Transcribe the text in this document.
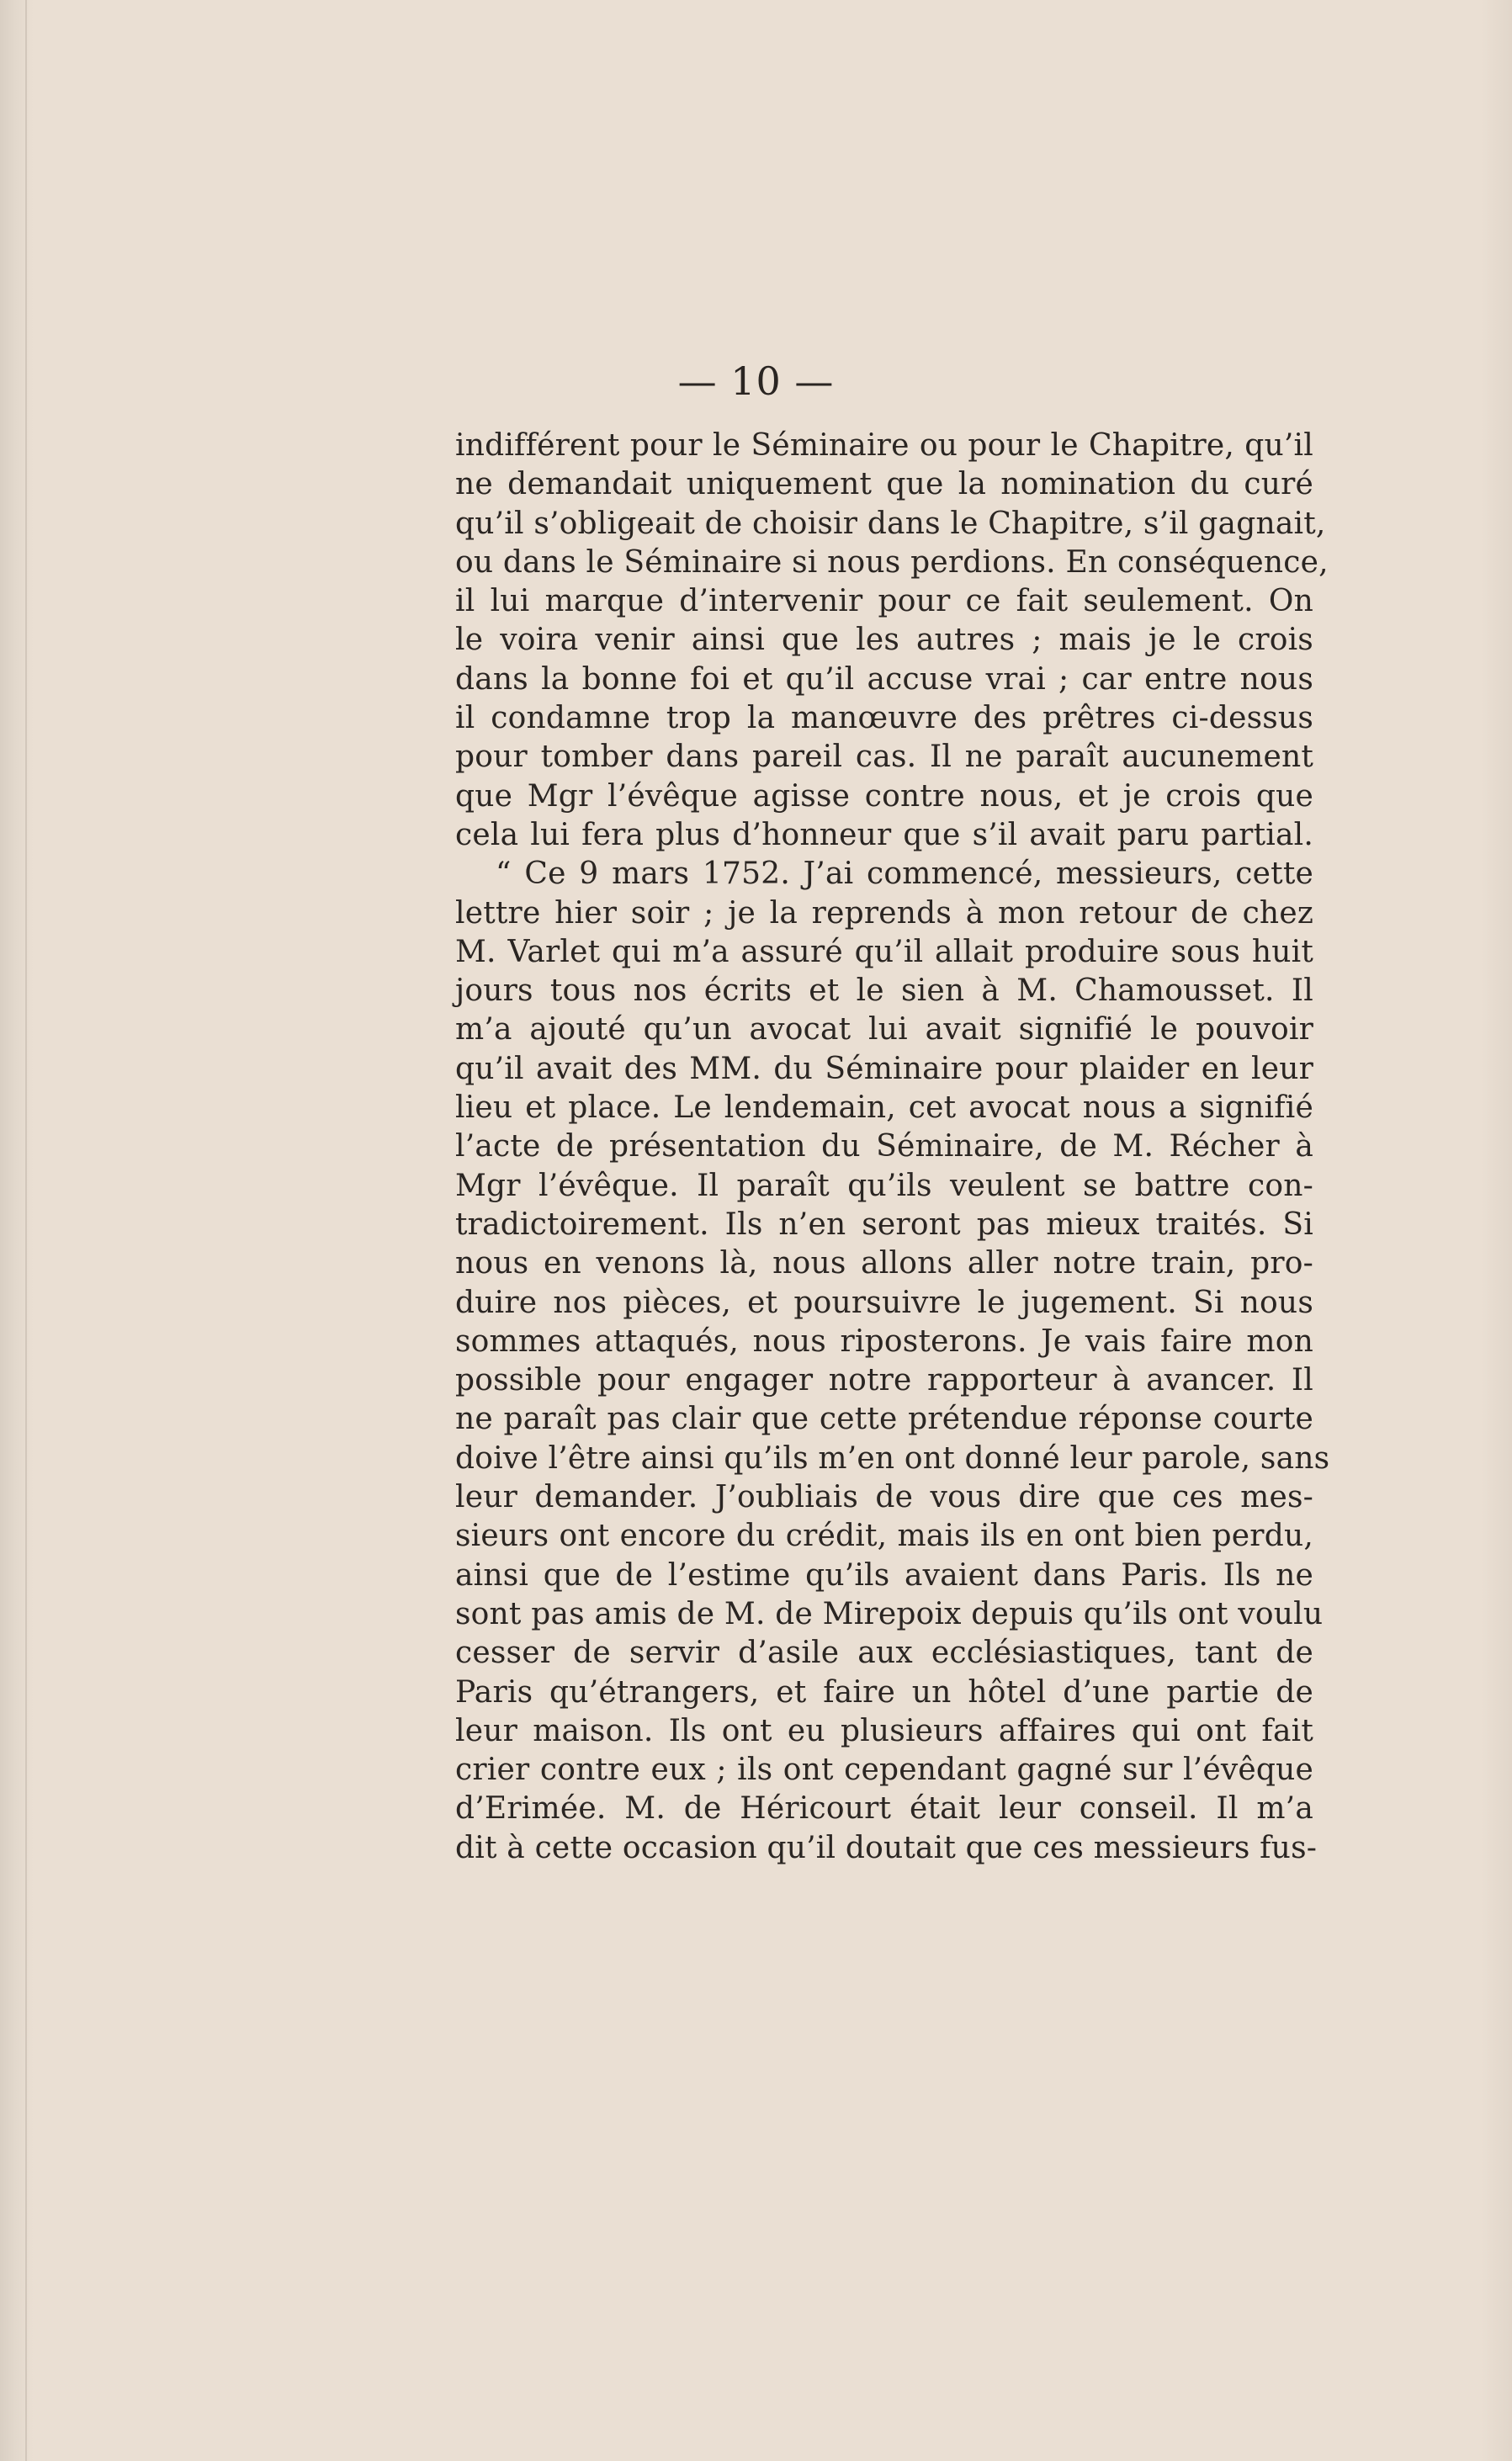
— 10 —
indifférent pour le Séminaire ou pour le Chapitre, qu’il
ne demandait uniquement que la nomination du curé
qu’il s’obligeait de choisir dans le Chapitre, s’il gagnait,
ou dans le Séminaire si nous perdions. En conséquence,
il lui marque d’intervenir pour ce fait seulement. On
le voira venir ainsi que les autres ; mais je le crois
dans la bonne foi et qu’il accuse vrai ; car entre nous
il condamne trop la manœuvre des prêtres ci-dessus
pour tomber dans pareil cas. Il ne paraît aucunement
que Mgr l’évêque agisse contre nous, et je crois que
cela lui fera plus d’honneur que s’il avait paru partial.
“ Ce 9 mars 1752. J’ai commencé, messieurs, cette
lettre hier soir ; je la reprends à mon retour de chez
M. Varlet qui m’a assuré qu’il allait produire sous huit
jours tous nos écrits et le sien à M. Chamousset. Il
m’a ajouté qu’un avocat lui avait signifié le pouvoir
qu’il avait des MM. du Séminaire pour plaider en leur
lieu et place. Le lendemain, cet avocat nous a signifié
l’acte de présentation du Séminaire, de M. Récher à
Mgr l’évêque. Il paraît qu’ils veulent se battre con-
tradictoirement. Ils n’en seront pas mieux traités. Si
nous en venons là, nous allons aller notre train, pro-
duire nos pièces, et poursuivre le jugement. Si nous
sommes attaqués, nous riposterons. Je vais faire mon
possible pour engager notre rapporteur à avancer. Il
ne paraît pas clair que cette prétendue réponse courte
doive l’être ainsi qu’ils m’en ont donné leur parole, sans
leur demander. J’oubliais de vous dire que ces mes-
sieurs ont encore du crédit, mais ils en ont bien perdu,
ainsi que de l’estime qu’ils avaient dans Paris. Ils ne
sont pas amis de M. de Mirepoix depuis qu’ils ont voulu
cesser de servir d’asile aux ecclésiastiques, tant de
Paris qu’étrangers, et faire un hôtel d’une partie de
leur maison. Ils ont eu plusieurs affaires qui ont fait
crier contre eux ; ils ont cependant gagné sur l’évêque
d’Erimée. M. de Héricourt était leur conseil. Il m’a
dit à cette occasion qu’il doutait que ces messieurs fus-
